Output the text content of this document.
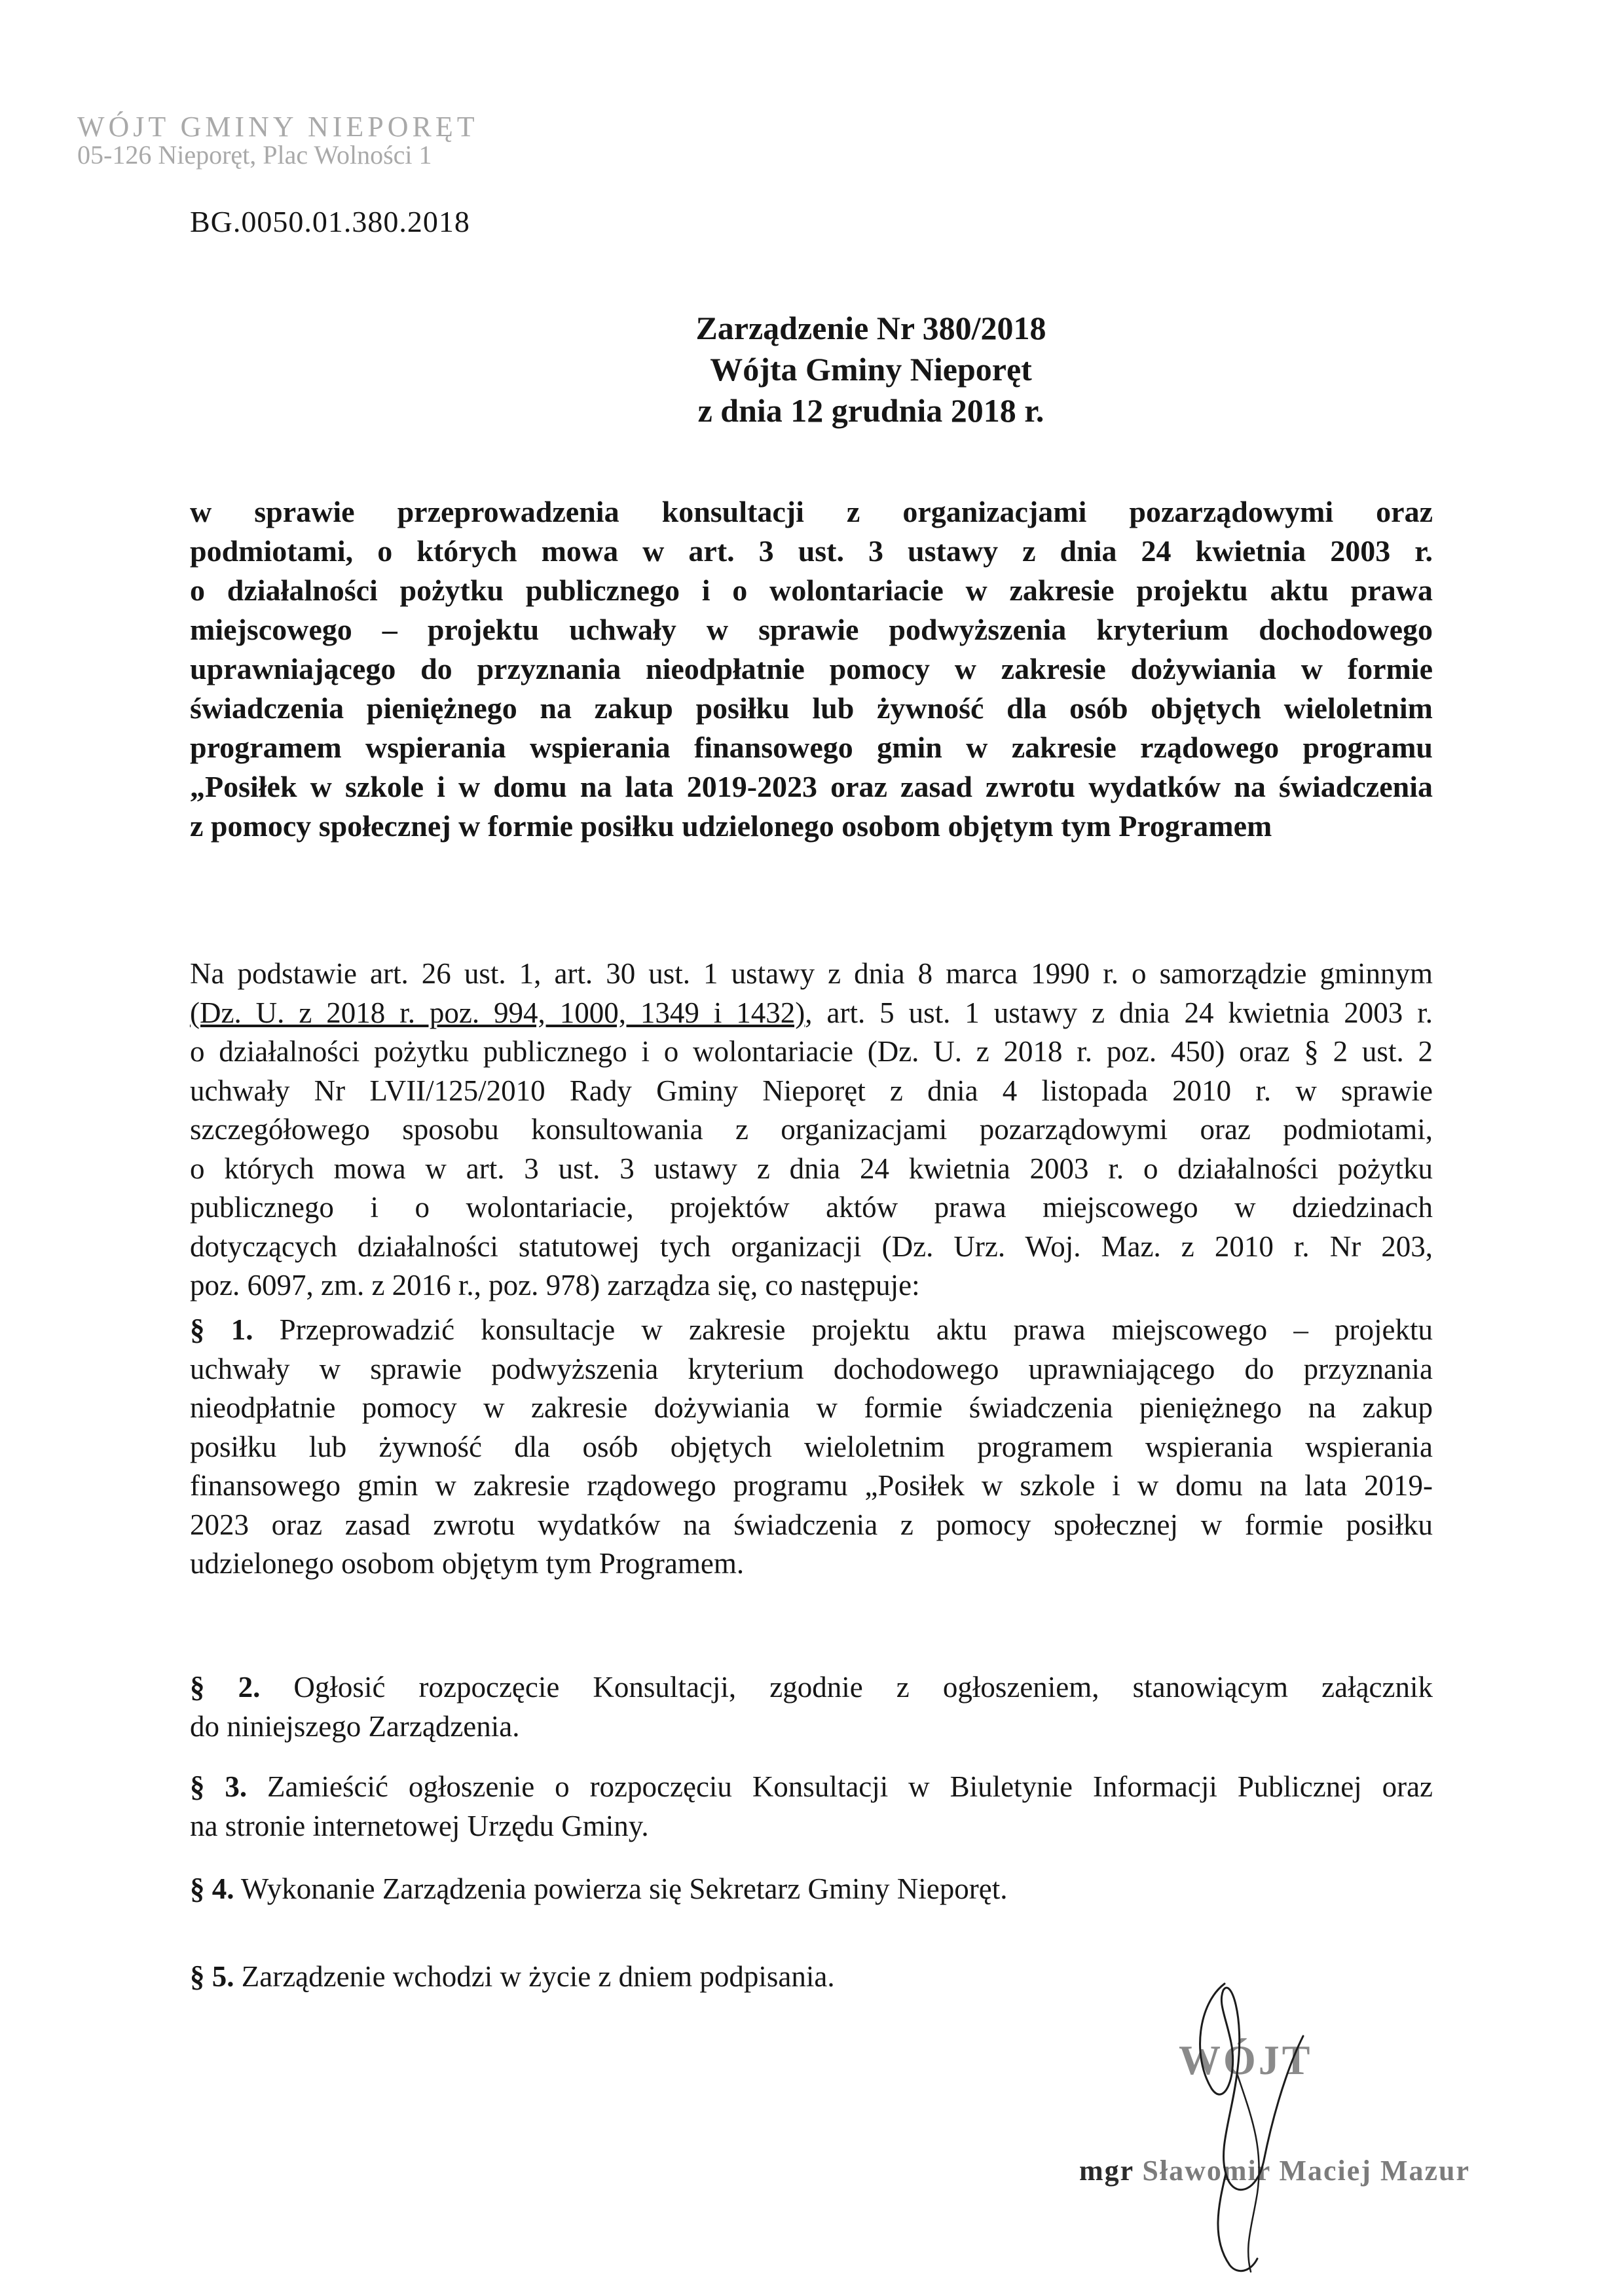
WÓJT GMINY NIEPORĘT
05-126 Nieporęt, Plac Wolności 1
BG.0050.01.380.2018
Zarządzenie Nr 380/2018
Wójta Gminy Nieporęt
z dnia 12 grudnia 2018 r.
w sprawie przeprowadzenia konsultacji z organizacjami pozarządowymi oraz
podmiotami, o których mowa w art. 3 ust. 3 ustawy z dnia 24 kwietnia 2003 r.
o działalności pożytku publicznego i o wolontariacie w zakresie projektu aktu prawa
miejscowego – projektu uchwały w sprawie podwyższenia kryterium dochodowego
uprawniającego do przyznania nieodpłatnie pomocy w zakresie dożywiania w formie
świadczenia pieniężnego na zakup posiłku lub żywność dla osób objętych wieloletnim
programem wspierania wspierania finansowego gmin w zakresie rządowego programu
„Posiłek w szkole i w domu na lata 2019-2023 oraz zasad zwrotu wydatków na świadczenia
z pomocy społecznej w formie posiłku udzielonego osobom objętym tym Programem
Na podstawie art. 26 ust. 1, art. 30 ust. 1 ustawy z dnia 8 marca 1990 r. o samorządzie gminnym
(Dz. U. z 2018 r. poz. 994, 1000, 1349 i 1432), art. 5 ust. 1 ustawy z dnia 24 kwietnia 2003 r.
o działalności pożytku publicznego i o wolontariacie (Dz. U. z 2018 r. poz. 450) oraz § 2 ust. 2
uchwały Nr LVII/125/2010 Rady Gminy Nieporęt z dnia 4 listopada 2010 r. w sprawie
szczegółowego sposobu konsultowania z organizacjami pozarządowymi oraz podmiotami,
o których mowa w art. 3 ust. 3 ustawy z dnia 24 kwietnia 2003 r. o działalności pożytku
publicznego i o wolontariacie, projektów aktów prawa miejscowego w dziedzinach
dotyczących działalności statutowej tych organizacji (Dz. Urz. Woj. Maz. z 2010 r. Nr 203,
poz. 6097, zm. z 2016 r., poz. 978) zarządza się, co następuje:
§ 1. Przeprowadzić konsultacje w zakresie projektu aktu prawa miejscowego – projektu
uchwały w sprawie podwyższenia kryterium dochodowego uprawniającego do przyznania
nieodpłatnie pomocy w zakresie dożywiania w formie świadczenia pieniężnego na zakup
posiłku lub żywność dla osób objętych wieloletnim programem wspierania wspierania
finansowego gmin w zakresie rządowego programu „Posiłek w szkole i w domu na lata 2019-
2023 oraz zasad zwrotu wydatków na świadczenia z pomocy społecznej w formie posiłku
udzielonego osobom objętym tym Programem.
§ 2. Ogłosić rozpoczęcie Konsultacji, zgodnie z ogłoszeniem, stanowiącym załącznik
do niniejszego Zarządzenia.
§ 3. Zamieścić ogłoszenie o rozpoczęciu Konsultacji w Biuletynie Informacji Publicznej oraz
na stronie internetowej Urzędu Gminy.
§ 4. Wykonanie Zarządzenia powierza się Sekretarz Gminy Nieporęt.
§ 5. Zarządzenie wchodzi w życie z dniem podpisania.
WÓJT
mgr Sławomir Maciej Mazur
